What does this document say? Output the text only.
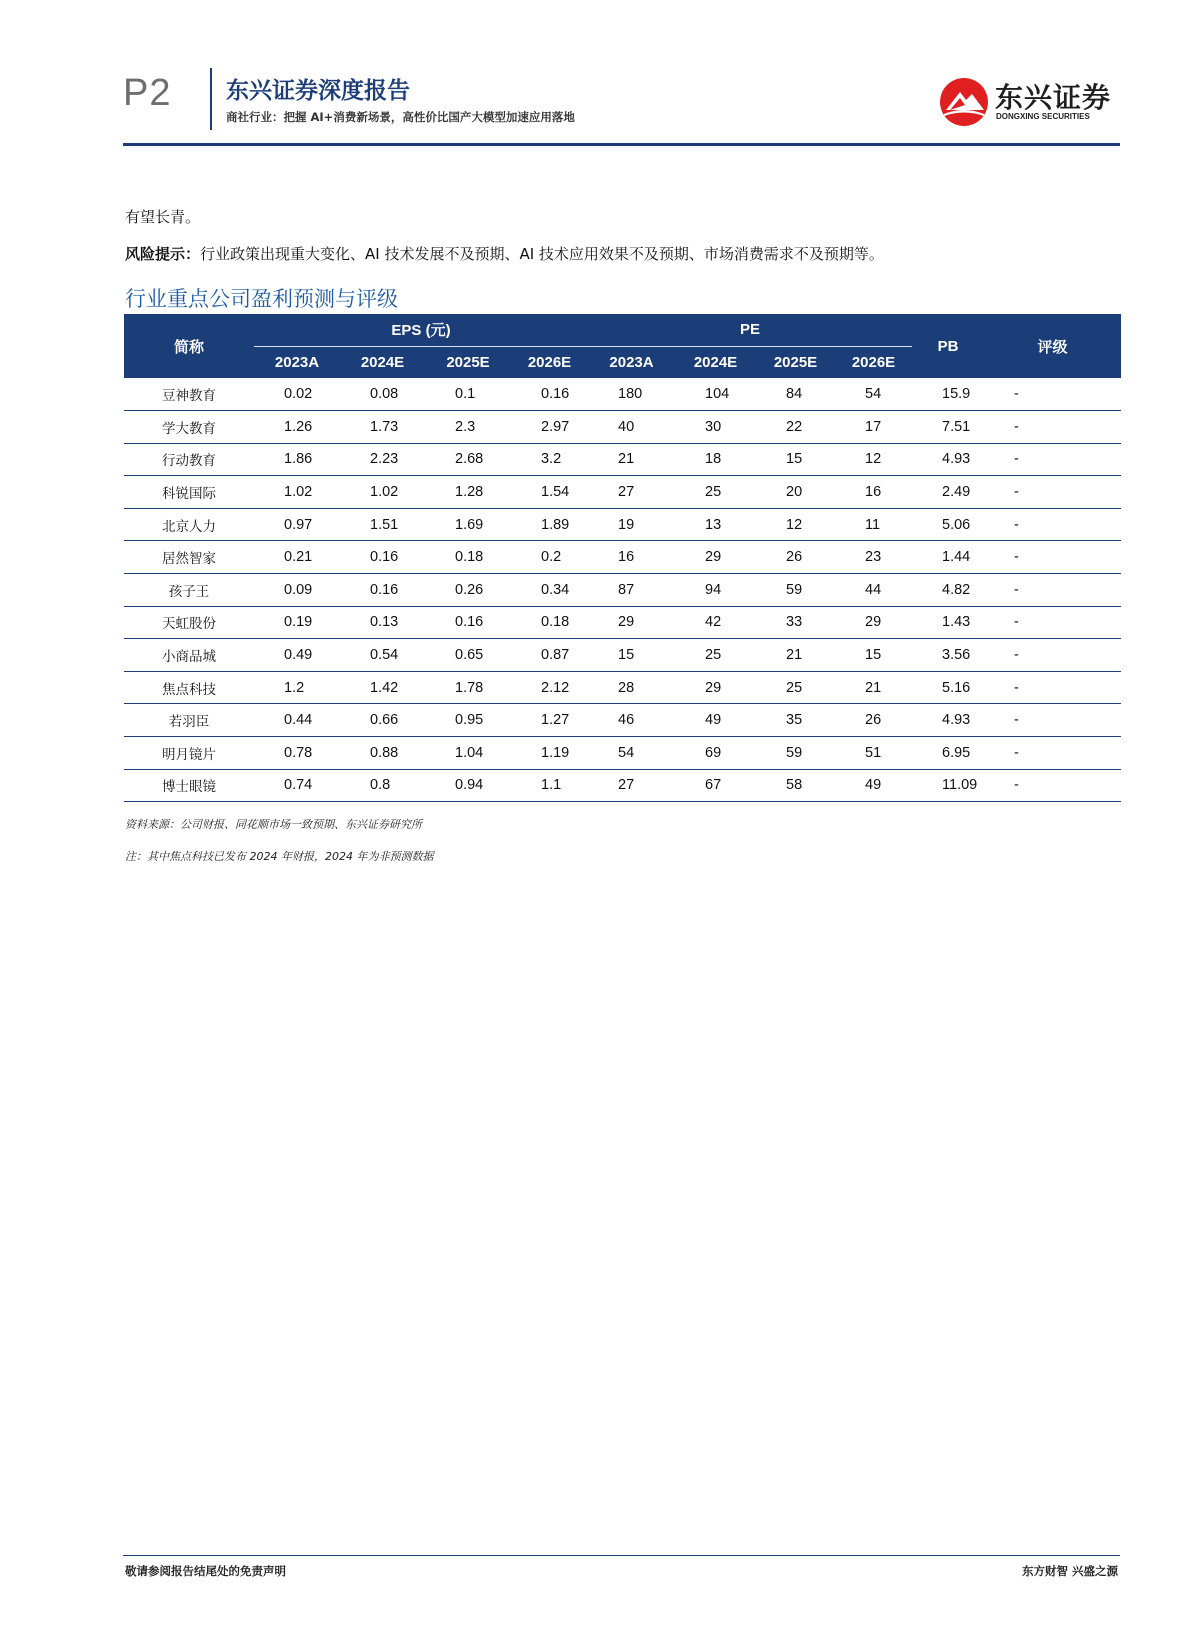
P2 东兴证券深度报告
商社行业：把握 AI+消费新场景，高性价比国产大模型加速应用落地
东兴证券
DONGXING SECURITIES
有望长青。
风险提示：行业政策出现重大变化、AI 技术发展不及预期、AI 技术应用效果不及预期、市场消费需求不及预期等。
行业重点公司盈利预测与评级
简称	EPS (元)				PE				PB	评级
	2023A	2024E	2025E	2026E	2023A	2024E	2025E	2026E		
豆神教育	0.02	0.08	0.1	0.16	180	104	84	54	15.9	-
学大教育	1.26	1.73	2.3	2.97	40	30	22	17	7.51	-
行动教育	1.86	2.23	2.68	3.2	21	18	15	12	4.93	-
科锐国际	1.02	1.02	1.28	1.54	27	25	20	16	2.49	-
北京人力	0.97	1.51	1.69	1.89	19	13	12	11	5.06	-
居然智家	0.21	0.16	0.18	0.2	16	29	26	23	1.44	-
孩子王	0.09	0.16	0.26	0.34	87	94	59	44	4.82	-
天虹股份	0.19	0.13	0.16	0.18	29	42	33	29	1.43	-
小商品城	0.49	0.54	0.65	0.87	15	25	21	15	3.56	-
焦点科技	1.2	1.42	1.78	2.12	28	29	25	21	5.16	-
若羽臣	0.44	0.66	0.95	1.27	46	49	35	26	4.93	-
明月镜片	0.78	0.88	1.04	1.19	54	69	59	51	6.95	-
博士眼镜	0.74	0.8	0.94	1.1	27	67	58	49	11.09	-
资料来源：公司财报、同花顺市场一致预期、东兴证券研究所
注：其中焦点科技已发布 2024 年财报，2024 年为非预测数据
敬请参阅报告结尾处的免责声明	东方财智 兴盛之源
